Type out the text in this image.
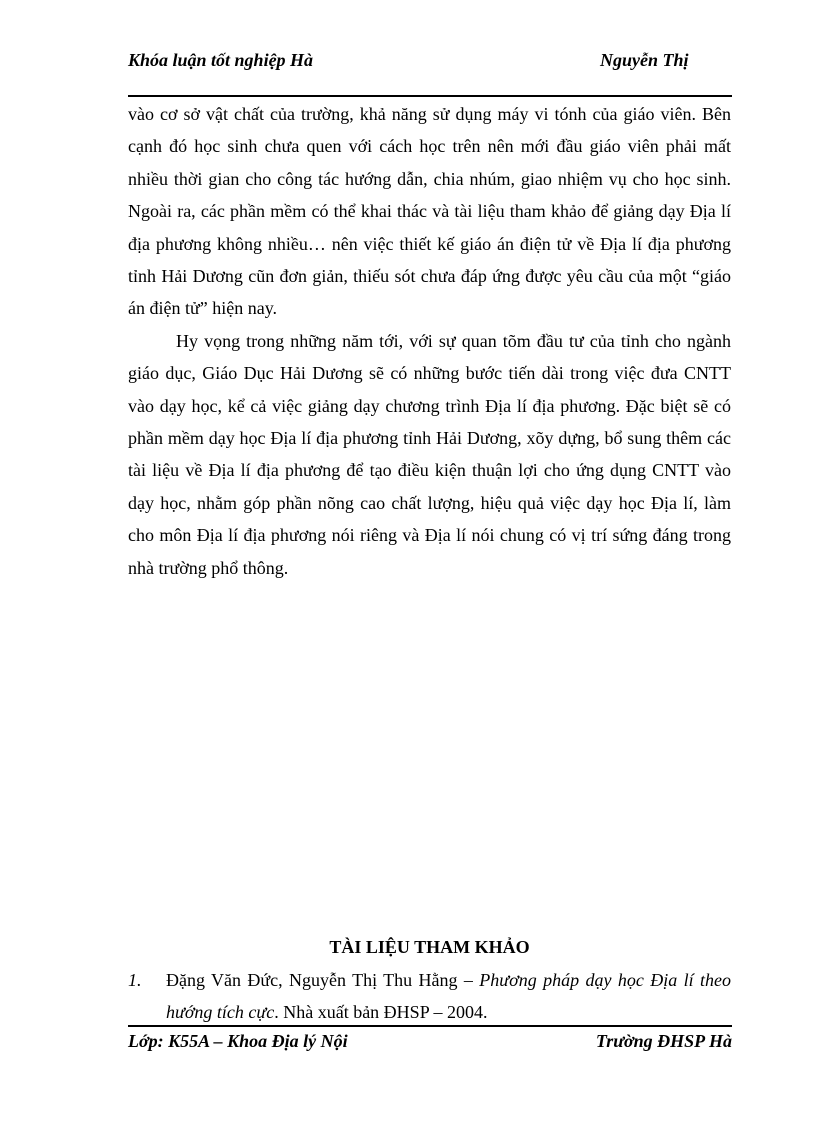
Khóa luận tốt nghiệp Hà	Nguyễn Thị

vào cơ sở vật chất của trường, khả năng sử dụng máy vi tónh của giáo viên. Bên cạnh đó học sinh chưa quen với cách học trên nên mới đầu giáo viên phải mất nhiều thời gian cho công tác hướng dẫn, chia nhúm, giao nhiệm vụ cho học sinh. Ngoài ra, các phần mềm có thể khai thác và tài liệu tham khảo để giảng dạy Địa lí địa phương không nhiều… nên việc thiết kế giáo án điện tử về Địa lí địa phương tỉnh Hải Dương cũn đơn giản, thiếu sót chưa đáp ứng được yêu cầu của một “giáo án điện tử” hiện nay.

Hy vọng trong những năm tới, với sự quan tõm đầu tư của tỉnh cho ngành giáo dục, Giáo Dục Hải Dương sẽ có những bước tiến dài trong việc đưa CNTT vào dạy học, kể cả việc giảng dạy chương trình Địa lí địa phương. Đặc biệt sẽ có phần mềm dạy học Địa lí địa phương tỉnh Hải Dương, xõy dựng, bổ sung thêm các tài liệu về Địa lí địa phương để tạo điều kiện thuận lợi cho ứng dụng CNTT vào dạy học, nhằm góp phần nõng cao chất lượng, hiệu quả việc dạy học Địa lí, làm cho môn Địa lí địa phương nói riêng và Địa lí nói chung có vị trí sứng đáng trong nhà trường phổ thông.

TÀI LIỆU THAM KHẢO
1. Đặng Văn Đức, Nguyễn Thị Thu Hằng – Phương pháp dạy học Địa lí theo hướng tích cực. Nhà xuất bản ĐHSP – 2004.
Lớp: K55A – Khoa Địa lý Nội	Trường ĐHSP Hà
